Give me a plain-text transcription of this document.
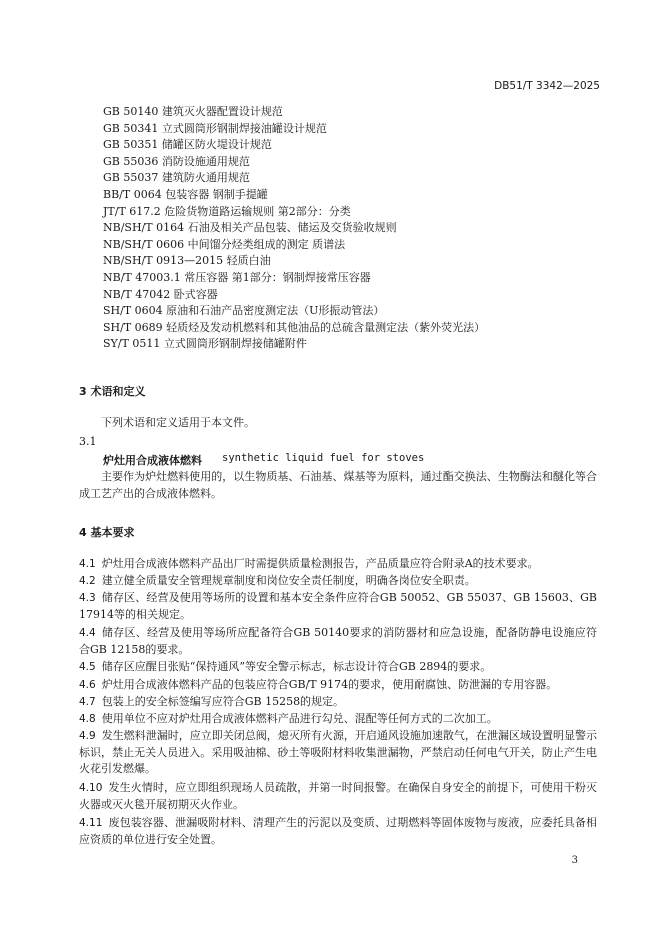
DB51/T 3342—2025
GB 50140 建筑灭火器配置设计规范
GB 50341 立式圆筒形钢制焊接油罐设计规范
GB 50351 储罐区防火堤设计规范
GB 55036 消防设施通用规范
GB 55037 建筑防火通用规范
BB/T 0064 包装容器 钢制手提罐
JT/T 617.2 危险货物道路运输规则 第2部分：分类
NB/SH/T 0164 石油及相关产品包装、储运及交货验收规则
NB/SH/T 0606 中间馏分烃类组成的测定 质谱法
NB/SH/T 0913—2015 轻质白油
NB/T 47003.1 常压容器 第1部分：钢制焊接常压容器
NB/T 47042 卧式容器
SH/T 0604 原油和石油产品密度测定法（U形振动管法）
SH/T 0689 轻质烃及发动机燃料和其他油品的总硫含量测定法（紫外荧光法）
SY/T 0511 立式圆筒形钢制焊接储罐附件
3 术语和定义
下列术语和定义适用于本文件。
3.1
炉灶用合成液体燃料 synthetic liquid fuel for stoves
主要作为炉灶燃料使用的，以生物质基、石油基、煤基等为原料，通过酯交换法、生物酶法和醚化等合成工艺产出的合成液体燃料。
4 基本要求
4.1 炉灶用合成液体燃料产品出厂时需提供质量检测报告，产品质量应符合附录A的技术要求。
4.2 建立健全质量安全管理规章制度和岗位安全责任制度，明确各岗位安全职责。
4.3 储存区、经营及使用等场所的设置和基本安全条件应符合GB 50052、GB 55037、GB 15603、GB 17914等的相关规定。
4.4 储存区、经营及使用等场所应配备符合GB 50140要求的消防器材和应急设施，配备防静电设施应符合GB 12158的要求。
4.5 储存区应醒目张贴“保持通风”等安全警示标志，标志设计符合GB 2894的要求。
4.6 炉灶用合成液体燃料产品的包装应符合GB/T 9174的要求，使用耐腐蚀、防泄漏的专用容器。
4.7 包装上的安全标签编写应符合GB 15258的规定。
4.8 使用单位不应对炉灶用合成液体燃料产品进行勾兑、混配等任何方式的二次加工。
4.9 发生燃料泄漏时，应立即关闭总阀，熄灭所有火源，开启通风设施加速散气，在泄漏区域设置明显警示标识，禁止无关人员进入。采用吸油棉、砂土等吸附材料收集泄漏物，严禁启动任何电气开关，防止产生电火花引发燃爆。
4.10 发生火情时，应立即组织现场人员疏散，并第一时间报警。在确保自身安全的前提下，可使用干粉灭火器或灭火毯开展初期灭火作业。
4.11 废包装容器、泄漏吸附材料、清理产生的污泥以及变质、过期燃料等固体废物与废液，应委托具备相应资质的单位进行安全处置。
3
